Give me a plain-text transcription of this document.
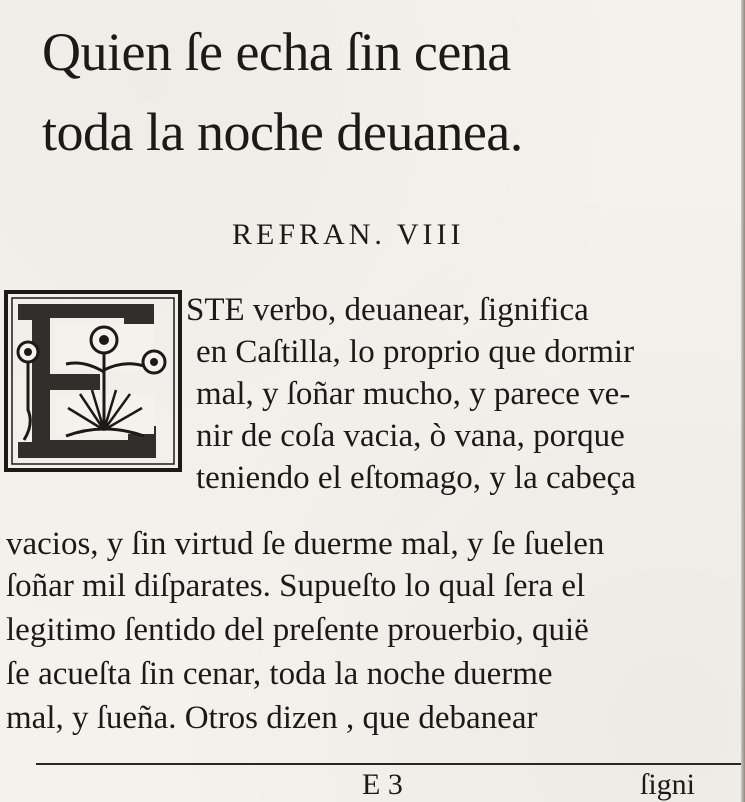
Quien ſe echa ſin cena
toda la noche deuanea.
REFRAN. VIII
STE verbo, deuanear, ſignifica
en Caſtilla, lo proprio que dormir
mal, y ſoñar mucho, y parece ve-
nir de coſa vacia, ò vana, porque
teniendo el eſtomago, y la cabeça
vacios, y ſin virtud ſe duerme mal, y ſe ſuelen
ſoñar mil diſparates. Supueſto lo qual ſera el
legitimo ſentido del preſente prouerbio, quië
ſe acueſta ſin cenar, toda la noche duerme
mal, y ſueña. Otros dizen , que debanear
E 3	ſigni
